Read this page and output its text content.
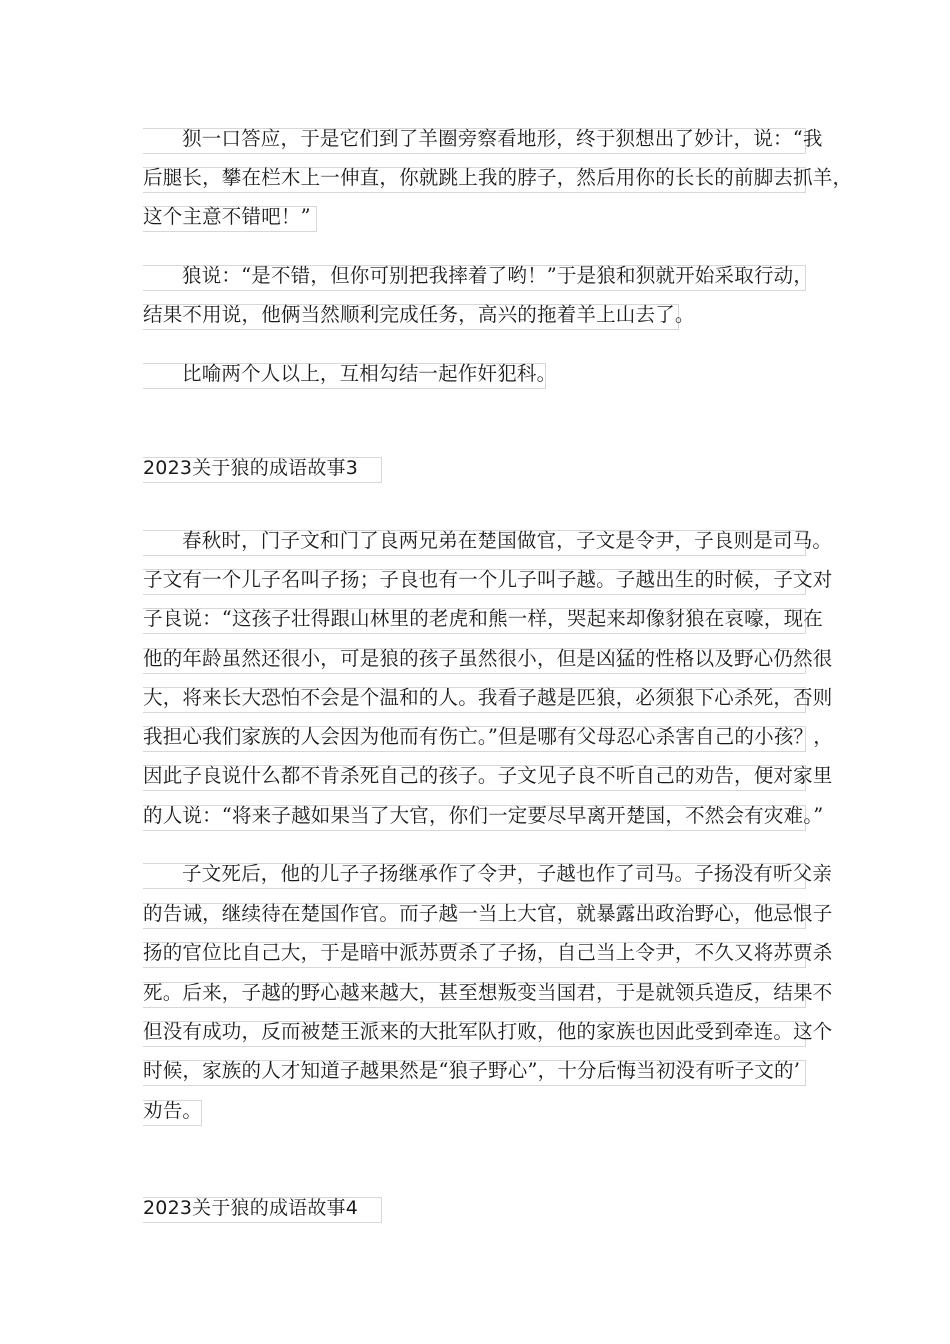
狈一口答应，于是它们到了羊圈旁察看地形，终于狈想出了妙计，说：“我
后腿长，攀在栏木上一伸直，你就跳上我的脖子，然后用你的长长的前脚去抓羊，
这个主意不错吧！”
狼说：“是不错，但你可别把我摔着了哟！”于是狼和狈就开始采取行动，
结果不用说，他俩当然顺利完成任务，高兴的拖着羊上山去了。
比喻两个人以上，互相勾结一起作奸犯科。
2023关于狼的成语故事3
春秋时，门子文和门了良两兄弟在楚国做官，子文是令尹，子良则是司马。
子文有一个儿子名叫子扬；子良也有一个儿子叫子越。子越出生的时候，子文对
子良说：“这孩子壮得跟山林里的老虎和熊一样，哭起来却像豺狼在哀嚎，现在
他的年龄虽然还很小，可是狼的孩子虽然很小，但是凶猛的性格以及野心仍然很
大，将来长大恐怕不会是个温和的人。我看子越是匹狼，必须狠下心杀死，否则
我担心我们家族的人会因为他而有伤亡。”但是哪有父母忍心杀害自己的小孩？，
因此子良说什么都不肯杀死自己的孩子。子文见子良不听自己的劝告，便对家里
的人说：“将来子越如果当了大官，你们一定要尽早离开楚国，不然会有灾难。”
子文死后，他的儿子子扬继承作了令尹，子越也作了司马。子扬没有听父亲
的告诫，继续待在楚国作官。而子越一当上大官，就暴露出政治野心，他忌恨子
扬的官位比自己大，于是暗中派苏贾杀了子扬，自己当上令尹，不久又将苏贾杀
死。后来，子越的野心越来越大，甚至想叛变当国君，于是就领兵造反，结果不
但没有成功，反而被楚王派来的大批军队打败，他的家族也因此受到牵连。这个
时候，家族的人才知道子越果然是“狼子野心”，十分后悔当初没有听子文的’
劝告。
2023关于狼的成语故事4
